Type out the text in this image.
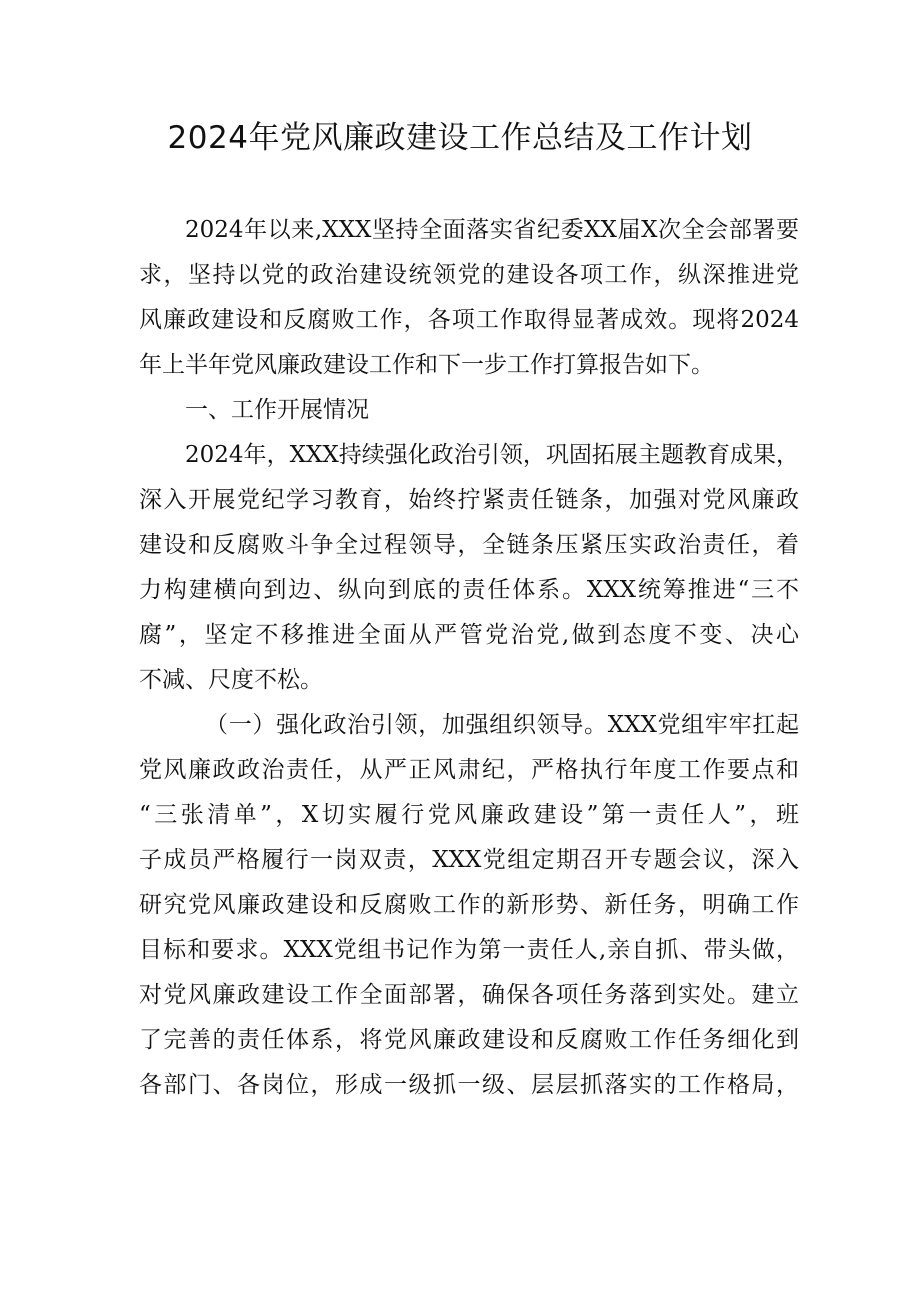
2024年党风廉政建设工作总结及工作计划
2024年以来,XXX坚持全面落实省纪委XX届X次全会部署要
求，坚持以党的政治建设统领党的建设各项工作，纵深推进党
风廉政建设和反腐败工作，各项工作取得显著成效。现将2024
年上半年党风廉政建设工作和下一步工作打算报告如下。
一、工作开展情况
2024年，XXX持续强化政治引领，巩固拓展主题教育成果，
深入开展党纪学习教育，始终拧紧责任链条，加强对党风廉政
建设和反腐败斗争全过程领导，全链条压紧压实政治责任，着
力构建横向到边、纵向到底的责任体系。XXX统筹推进“三不
腐”，坚定不移推进全面从严管党治党,做到态度不变、决心
不减、尺度不松。
（一）强化政治引领，加强组织领导。XXX党组牢牢扛起
党风廉政政治责任，从严正风肃纪，严格执行年度工作要点和
“三张清单”，X切实履行党风廉政建设”第一责任人”，班
子成员严格履行一岗双责，XXX党组定期召开专题会议，深入
研究党风廉政建设和反腐败工作的新形势、新任务，明确工作
目标和要求。XXX党组书记作为第一责任人,亲自抓、带头做，
对党风廉政建设工作全面部署，确保各项任务落到实处。建立
了完善的责任体系，将党风廉政建设和反腐败工作任务细化到
各部门、各岗位，形成一级抓一级、层层抓落实的工作格局，
